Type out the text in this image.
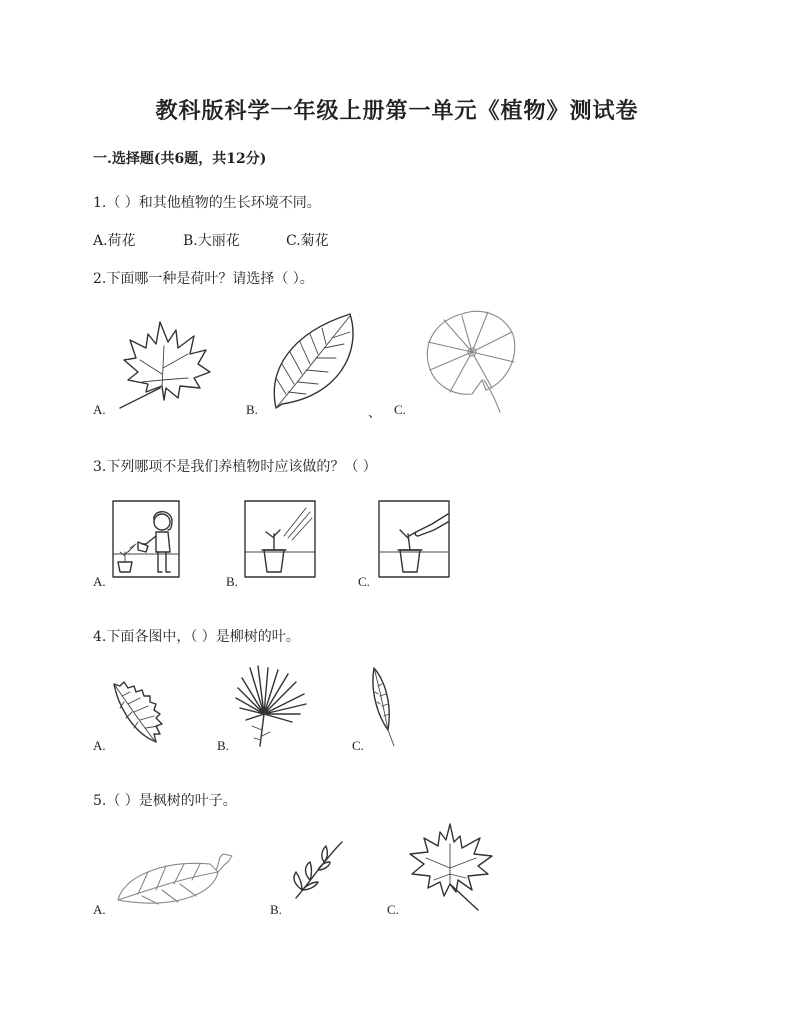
教科版科学一年级上册第一单元《植物》测试卷
一.选择题(共6题，共12分)
1.（ ）和其他植物的生长环境不同。
A.荷花	B.大丽花	C.菊花
2.下面哪一种是荷叶？请选择（ ）。
A.	B.	、 C.
3.下列哪项不是我们养植物时应该做的？（ ）
A.	B.	C.
4.下面各图中，（ ）是柳树的叶。
A.	B.	C.
5.（ ）是枫树的叶子。
A.	B.	C.
